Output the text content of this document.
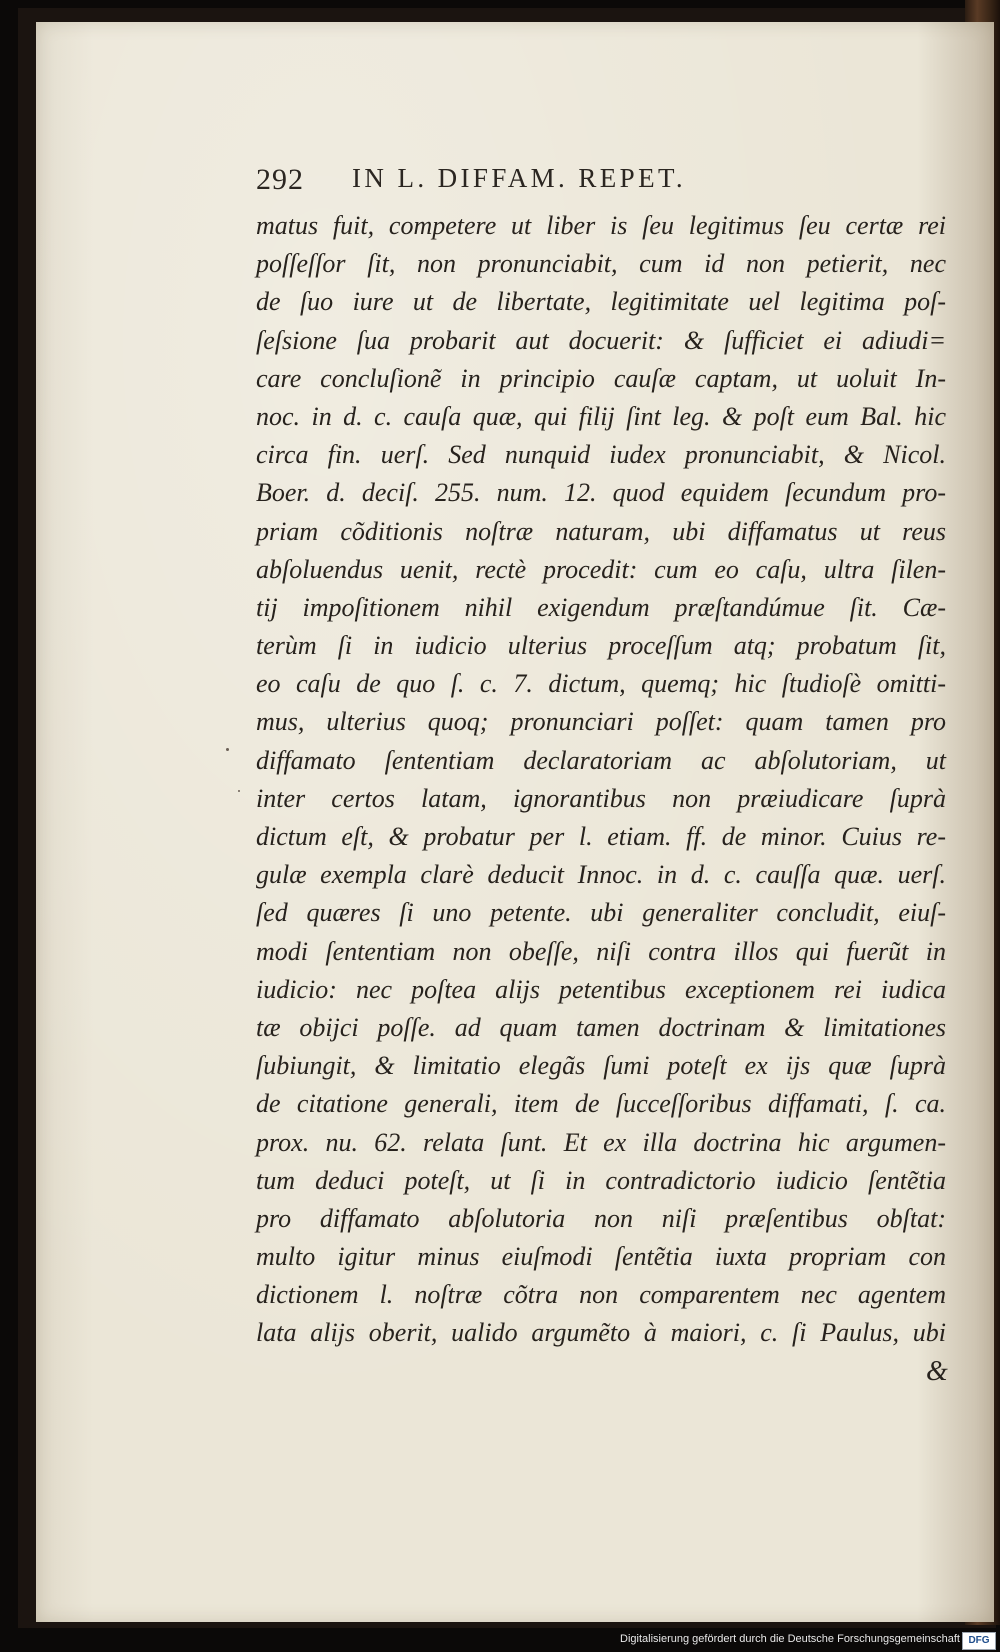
292 IN L. DIFFAM. REPET.
matus fuit, competere ut liber is ſeu legitimus ſeu certæ rei
poſſeſſor ſit, non pronunciabit, cum id non petierit, nec
de ſuo iure ut de libertate, legitimitate uel legitima poſ-
ſeſsione ſua probarit aut docuerit: & ſufficiet ei adiudi=
care concluſionẽ in principio cauſæ captam, ut uoluit In-
noc. in d. c. cauſa quæ, qui filij ſint leg. & poſt eum Bal. hic
circa fin. uerſ. Sed nunquid iudex pronunciabit, & Nicol.
Boer. d. deciſ. 255. num. 12. quod equidem ſecundum pro-
priam cõditionis noſtræ naturam, ubi diffamatus ut reus
abſoluendus uenit, rectè procedit: cum eo caſu, ultra ſilen-
tij impoſitionem nihil exigendum præſtandúmue ſit. Cæ-
terùm ſi in iudicio ulterius proceſſum atq; probatum ſit,
eo caſu de quo ſ. c. 7. dictum, quemq; hic ſtudioſè omitti-
mus, ulterius quoq; pronunciari poſſet: quam tamen pro
diffamato ſententiam declaratoriam ac abſolutoriam, ut
inter certos latam, ignorantibus non præiudicare ſuprà
dictum eſt, & probatur per l. etiam. ff. de minor. Cuius re-
gulæ exempla clarè deducit Innoc. in d. c. cauſſa quæ. uerſ.
ſed quæres ſi uno petente. ubi generaliter concludit, eiuſ-
modi ſententiam non obeſſe, niſi contra illos qui fuerũt in
iudicio: nec poſtea alijs petentibus exceptionem rei iudica
tæ obijci poſſe. ad quam tamen doctrinam & limitationes
ſubiungit, & limitatio elegãs ſumi poteſt ex ijs quæ ſuprà
de citatione generali, item de ſucceſſoribus diffamati, ſ. ca.
prox. nu. 62. relata ſunt. Et ex illa doctrina hic argumen-
tum deduci poteſt, ut ſi in contradictorio iudicio ſentẽtia
pro diffamato abſolutoria non niſi præſentibus obſtat:
multo igitur minus eiuſmodi ſentẽtia iuxta propriam con
dictionem l. noſtræ cõtra non comparentem nec agentem
lata alijs oberit, ualido argumẽto à maiori, c. ſi Paulus, ubi
&
Digitalisierung gefördert durch die Deutsche Forschungsgemeinschaft DFG
